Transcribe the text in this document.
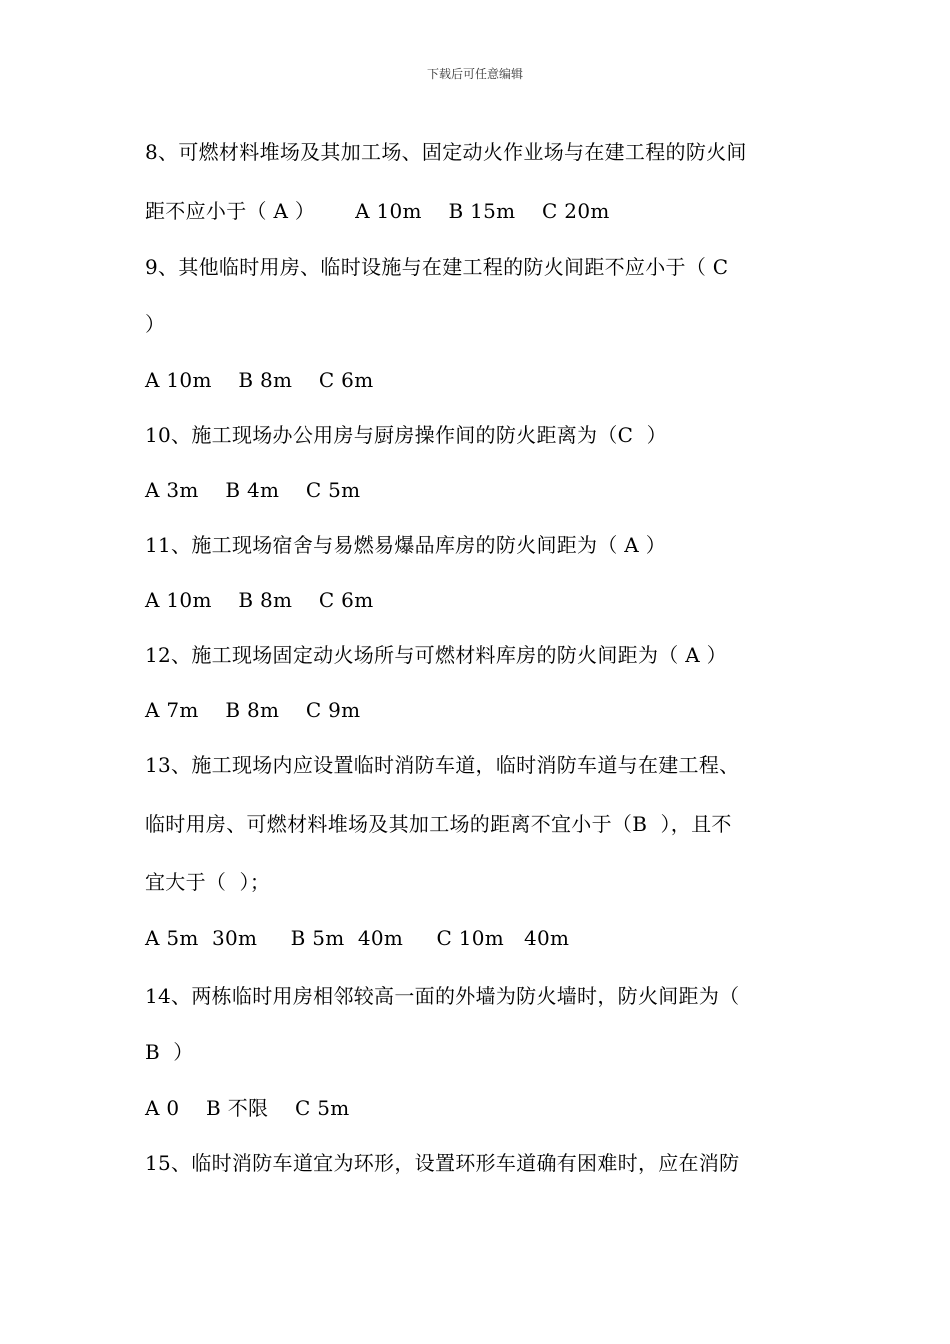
下载后可任意编辑
8、可燃材料堆场及其加工场、固定动火作业场与在建工程的防火间
距不应小于（ A ）      A 10m    B 15m    C 20m
9、其他临时用房、临时设施与在建工程的防火间距不应小于（ C
）
A 10m    B 8m    C 6m
10、施工现场办公用房与厨房操作间的防火距离为（C  ）
A 3m    B 4m    C 5m
11、施工现场宿舍与易燃易爆品库房的防火间距为（ A ）
A 10m    B 8m    C 6m
12、施工现场固定动火场所与可燃材料库房的防火间距为（ A ）
A 7m    B 8m    C 9m
13、施工现场内应设置临时消防车道，临时消防车道与在建工程、
临时用房、可燃材料堆场及其加工场的距离不宜小于（B  ），且不
宜大于（  ）；
A 5m  30m     B 5m  40m     C 10m   40m
14、两栋临时用房相邻较高一面的外墙为防火墙时，防火间距为（
B  ）
A 0    B 不限    C 5m
15、临时消防车道宜为环形，设置环形车道确有困难时，应在消防
